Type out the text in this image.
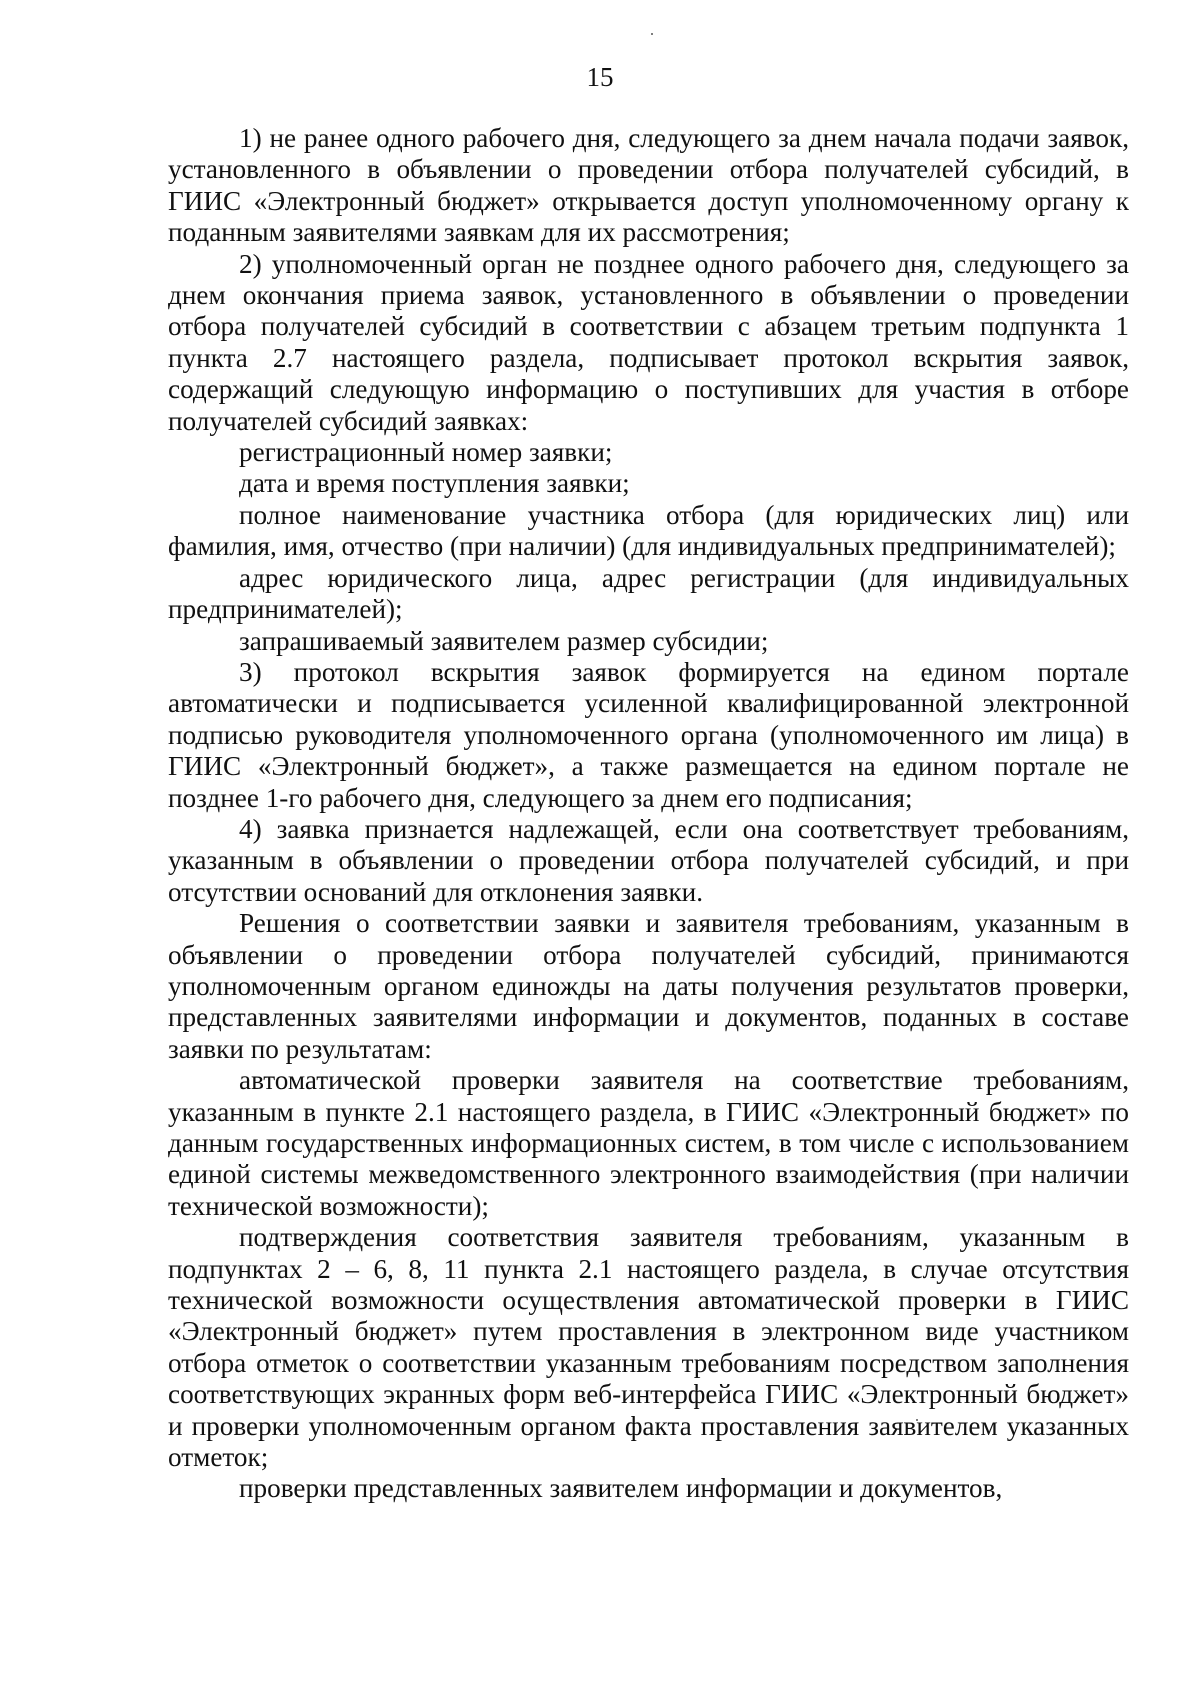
15

1) не ранее одного рабочего дня, следующего за днем начала подачи заявок, установленного в объявлении о проведении отбора получателей субсидий, в ГИИС «Электронный бюджет» открывается доступ уполномоченному органу к поданным заявителями заявкам для их рассмотрения;

2) уполномоченный орган не позднее одного рабочего дня, следующего за днем окончания приема заявок, установленного в объявлении о проведении отбора получателей субсидий в соответствии с абзацем третьим подпункта 1 пункта 2.7 настоящего раздела, подписывает протокол вскрытия заявок, содержащий следующую информацию о поступивших для участия в отборе получателей субсидий заявках:

регистрационный номер заявки;

дата и время поступления заявки;

полное наименование участника отбора (для юридических лиц) или фамилия, имя, отчество (при наличии) (для индивидуальных предпринимателей);

адрес юридического лица, адрес регистрации (для индивидуальных предпринимателей);

запрашиваемый заявителем размер субсидии;

3) протокол вскрытия заявок формируется на едином портале автоматически и подписывается усиленной квалифицированной электронной подписью руководителя уполномоченного органа (уполномоченного им лица) в ГИИС «Электронный бюджет», а также размещается на едином портале не позднее 1-го рабочего дня, следующего за днем его подписания;

4) заявка признается надлежащей, если она соответствует требованиям, указанным в объявлении о проведении отбора получателей субсидий, и при отсутствии оснований для отклонения заявки.

Решения о соответствии заявки и заявителя требованиям, указанным в объявлении о проведении отбора получателей субсидий, принимаются уполномоченным органом единожды на даты получения результатов проверки, представленных заявителями информации и документов, поданных в составе заявки по результатам:

автоматической проверки заявителя на соответствие требованиям, указанным в пункте 2.1 настоящего раздела, в ГИИС «Электронный бюджет» по данным государственных информационных систем, в том числе с использованием единой системы межведомственного электронного взаимодействия (при наличии технической возможности);

подтверждения соответствия заявителя требованиям, указанным в подпунктах 2 – 6, 8, 11 пункта 2.1 настоящего раздела, в случае отсутствия технической возможности осуществления автоматической проверки в ГИИС «Электронный бюджет» путем проставления в электронном виде участником отбора отметок о соответствии указанным требованиям посредством заполнения соответствующих экранных форм веб-интерфейса ГИИС «Электронный бюджет» и проверки уполномоченным органом факта проставления заявителем указанных отметок;

проверки представленных заявителем информации и документов,
